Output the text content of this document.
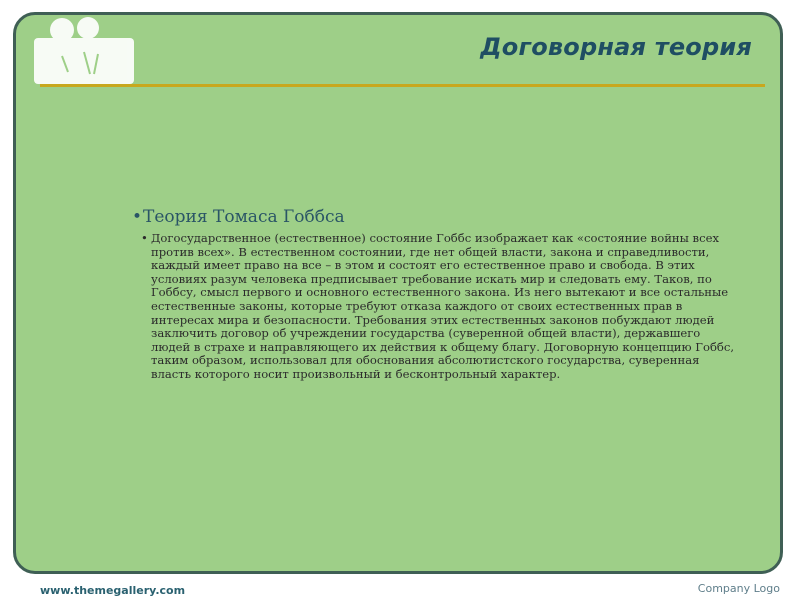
Договорная теория

•Теория Томаса Гоббса

• Догосударственное (естественное) состояние Гоббс изображает как «состояние войны всех против всех». В естественном состоянии, где нет общей власти, закона и справедливости, каждый имеет право на все – в этом и состоят его естественное право и свобода. В этих условиях разум человека предписывает требование искать мир и следовать ему. Таков, по Гоббсу, смысл первого и основного естественного закона. Из него вытекают и все остальные естественные законы, которые требуют отказа каждого от своих естественных прав в интересах мира и безопасности. Требования этих естественных законов побуждают людей заключить договор об учреждении государства (суверенной общей власти), державшего людей в страхе и направляющего их действия к общему благу. Договорную концепцию Гоббс, таким образом, использовал для обоснования абсолютистского государства, суверенная власть которого носит произвольный и бесконтрольный характер.

www.themegallery.com	Company Logo
